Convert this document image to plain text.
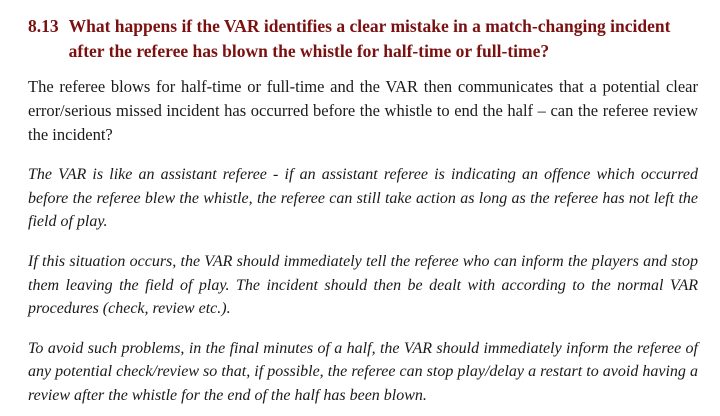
8.13 What happens if the VAR identifies a clear mistake in a match-changing incident after the referee has blown the whistle for half-time or full-time?

The referee blows for half-time or full-time and the VAR then communicates that a potential clear error/serious missed incident has occurred before the whistle to end the half – can the referee review the incident?

The VAR is like an assistant referee - if an assistant referee is indicating an offence which occurred before the referee blew the whistle, the referee can still take action as long as the referee has not left the field of play.

If this situation occurs, the VAR should immediately tell the referee who can inform the players and stop them leaving the field of play. The incident should then be dealt with according to the normal VAR procedures (check, review etc.).

To avoid such problems, in the final minutes of a half, the VAR should immediately inform the referee of any potential check/review so that, if possible, the referee can stop play/delay a restart to avoid having a review after the whistle for the end of the half has been blown.
